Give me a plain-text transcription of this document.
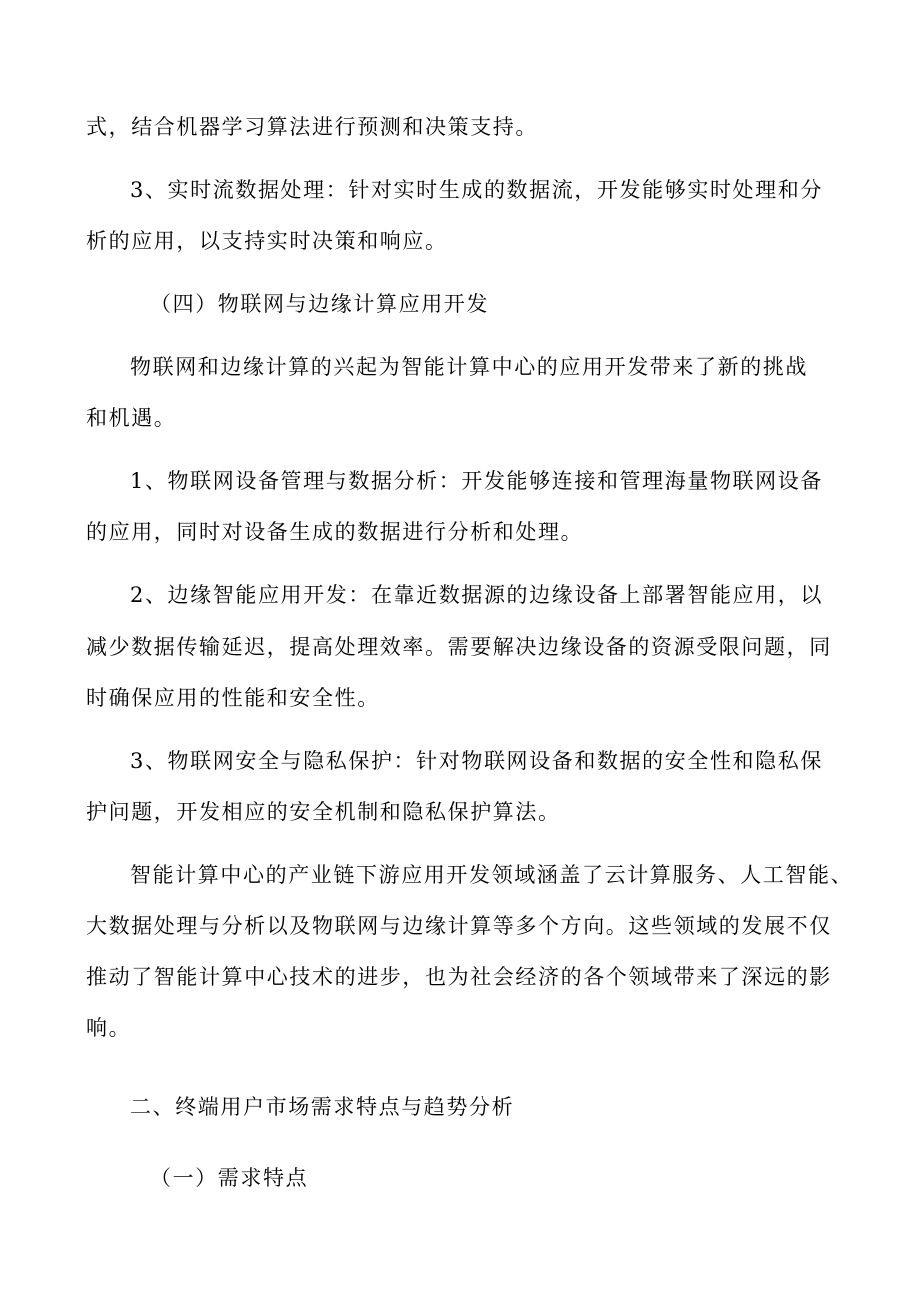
式，结合机器学习算法进行预测和决策支持。
3、实时流数据处理：针对实时生成的数据流，开发能够实时处理和分
析的应用，以支持实时决策和响应。
（四）物联网与边缘计算应用开发
物联网和边缘计算的兴起为智能计算中心的应用开发带来了新的挑战
和机遇。
1、物联网设备管理与数据分析：开发能够连接和管理海量物联网设备
的应用，同时对设备生成的数据进行分析和处理。
2、边缘智能应用开发：在靠近数据源的边缘设备上部署智能应用，以
减少数据传输延迟，提高处理效率。需要解决边缘设备的资源受限问题，同
时确保应用的性能和安全性。
3、物联网安全与隐私保护：针对物联网设备和数据的安全性和隐私保
护问题，开发相应的安全机制和隐私保护算法。
智能计算中心的产业链下游应用开发领域涵盖了云计算服务、人工智能、
大数据处理与分析以及物联网与边缘计算等多个方向。这些领域的发展不仅
推动了智能计算中心技术的进步，也为社会经济的各个领域带来了深远的影
响。
二、终端用户市场需求特点与趋势分析
（一）需求特点
